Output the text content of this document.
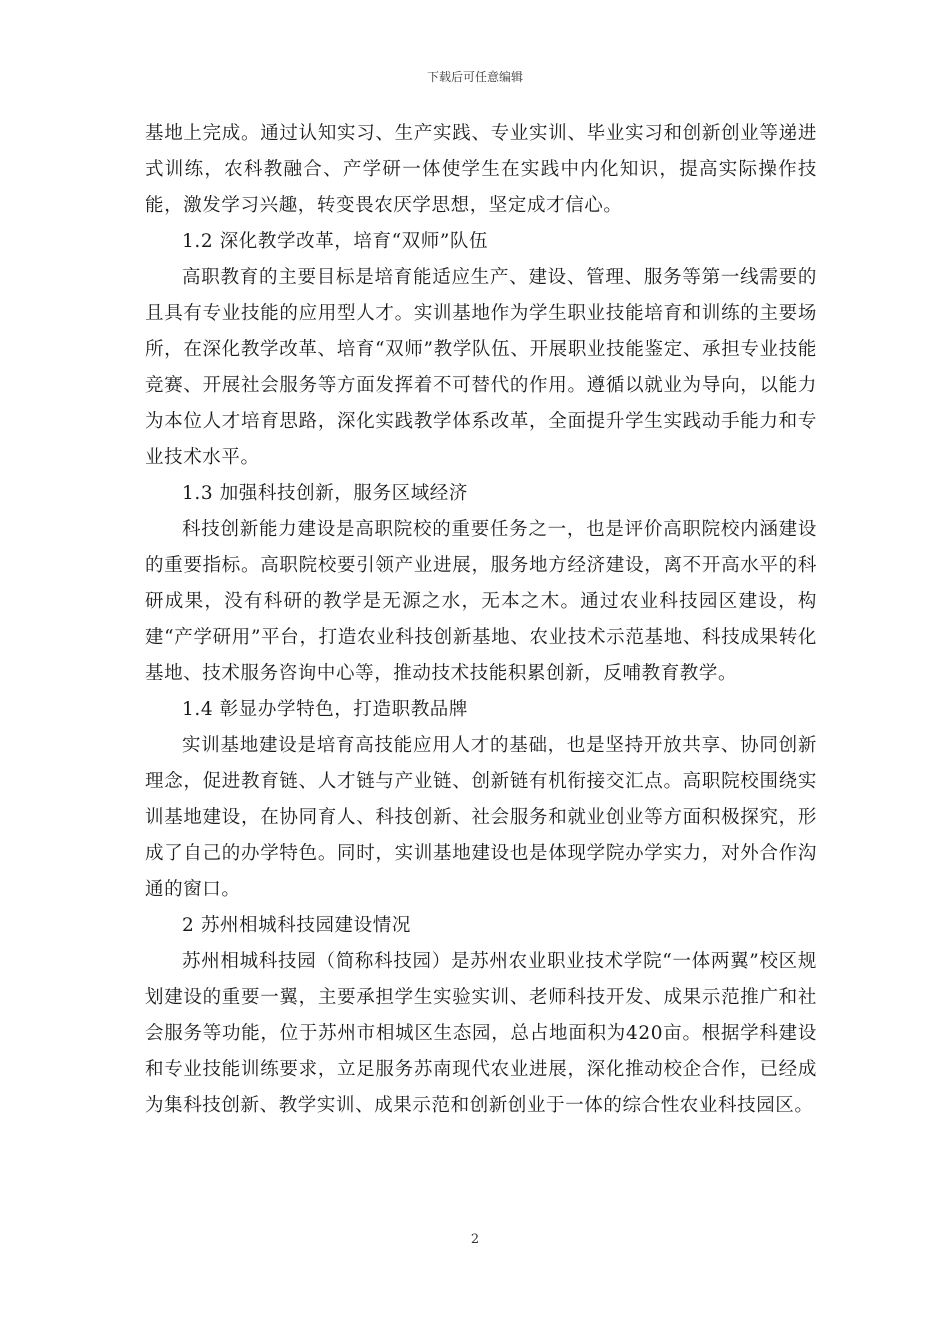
下载后可任意编辑

基地上完成。通过认知实习、生产实践、专业实训、毕业实习和创新创业等递进式训练，农科教融合、产学研一体使学生在实践中内化知识，提高实际操作技能，激发学习兴趣，转变畏农厌学思想，坚定成才信心。

1.2 深化教学改革，培育“双师”队伍

高职教育的主要目标是培育能适应生产、建设、管理、服务等第一线需要的且具有专业技能的应用型人才。实训基地作为学生职业技能培育和训练的主要场所，在深化教学改革、培育“双师”教学队伍、开展职业技能鉴定、承担专业技能竞赛、开展社会服务等方面发挥着不可替代的作用。遵循以就业为导向，以能力为本位人才培育思路，深化实践教学体系改革，全面提升学生实践动手能力和专业技术水平。

1.3 加强科技创新，服务区域经济

科技创新能力建设是高职院校的重要任务之一，也是评价高职院校内涵建设的重要指标。高职院校要引领产业进展，服务地方经济建设，离不开高水平的科研成果，没有科研的教学是无源之水，无本之木。通过农业科技园区建设，构建“产学研用”平台，打造农业科技创新基地、农业技术示范基地、科技成果转化基地、技术服务咨询中心等，推动技术技能积累创新，反哺教育教学。

1.4 彰显办学特色，打造职教品牌

实训基地建设是培育高技能应用人才的基础，也是坚持开放共享、协同创新理念，促进教育链、人才链与产业链、创新链有机衔接交汇点。高职院校围绕实训基地建设，在协同育人、科技创新、社会服务和就业创业等方面积极探究，形成了自己的办学特色。同时，实训基地建设也是体现学院办学实力，对外合作沟通的窗口。

2 苏州相城科技园建设情况

苏州相城科技园（简称科技园）是苏州农业职业技术学院“一体两翼”校区规划建设的重要一翼，主要承担学生实验实训、老师科技开发、成果示范推广和社会服务等功能，位于苏州市相城区生态园，总占地面积为420亩。根据学科建设和专业技能训练要求，立足服务苏南现代农业进展，深化推动校企合作，已经成为集科技创新、教学实训、成果示范和创新创业于一体的综合性农业科技园区。

2
